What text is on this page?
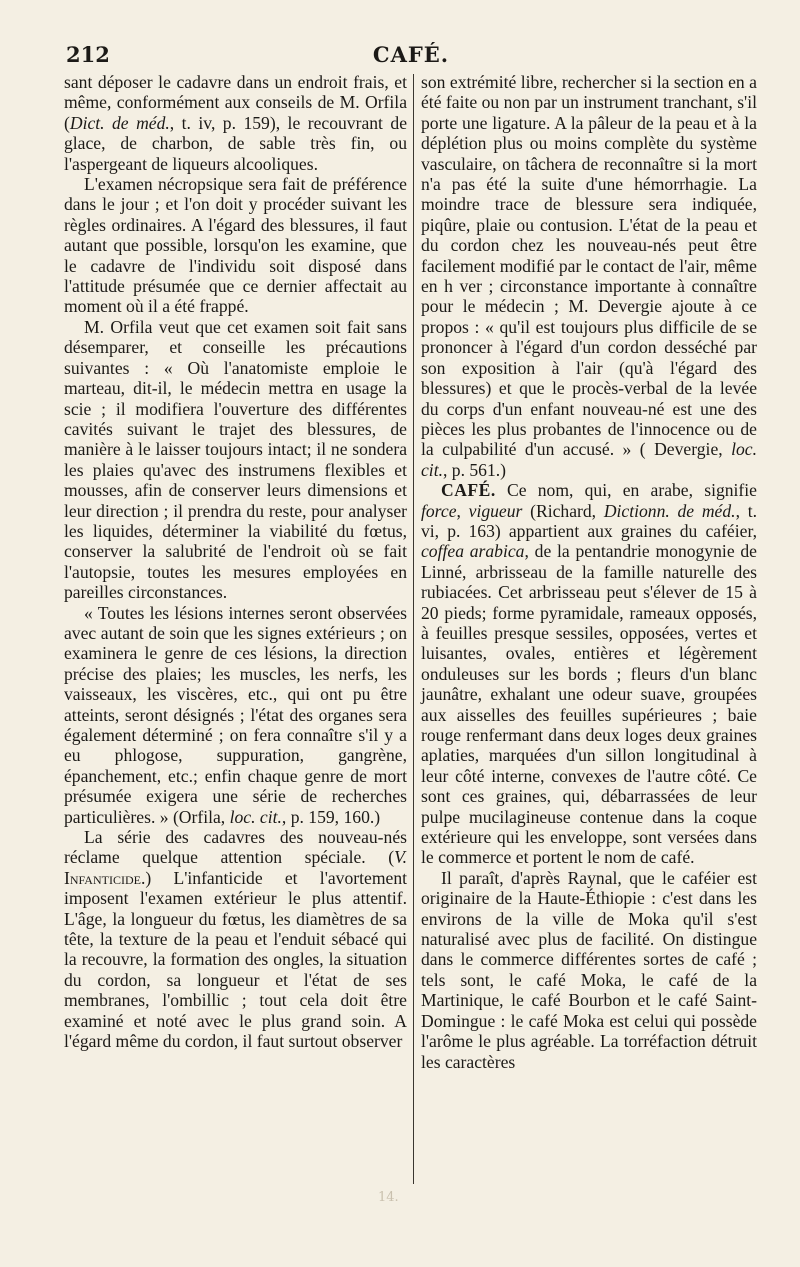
212	CAFÉ.

sant déposer le cadavre dans un endroit frais, et même, conformément aux conseils de M. Orfila (Dict. de méd., t. iv, p. 159), le recouvrant de glace, de charbon, de sable très fin, ou l'aspergeant de liqueurs alcooliques.

L'examen nécropsique sera fait de préférence dans le jour ; et l'on doit y procéder suivant les règles ordinaires. A l'égard des blessures, il faut autant que possible, lorsqu'on les examine, que le cadavre de l'individu soit disposé dans l'attitude présumée que ce dernier affectait au moment où il a été frappé.

M. Orfila veut que cet examen soit fait sans désemparer, et conseille les précautions suivantes : « Où l'anatomiste emploie le marteau, dit-il, le médecin mettra en usage la scie ; il modifiera l'ouverture des différentes cavités suivant le trajet des blessures, de manière à le laisser toujours intact; il ne sondera les plaies qu'avec des instrumens flexibles et mousses, afin de conserver leurs dimensions et leur direction ; il prendra du reste, pour analyser les liquides, déterminer la viabilité du fœtus, conserver la salubrité de l'endroit où se fait l'autopsie, toutes les mesures employées en pareilles circonstances.

« Toutes les lésions internes seront observées avec autant de soin que les signes extérieurs ; on examinera le genre de ces lésions, la direction précise des plaies; les muscles, les nerfs, les vaisseaux, les viscères, etc., qui ont pu être atteints, seront désignés ; l'état des organes sera également déterminé ; on fera connaître s'il y a eu phlogose, suppuration, gangrène, épanchement, etc.; enfin chaque genre de mort présumée exigera une série de recherches particulières. » (Orfila, loc. cit., p. 159, 160.)

La série des cadavres des nouveau-nés réclame quelque attention spéciale. (V. Infanticide.) L'infanticide et l'avortement imposent l'examen extérieur le plus attentif. L'âge, la longueur du fœtus, les diamètres de sa tête, la texture de la peau et l'enduit sébacé qui la recouvre, la formation des ongles, la situation du cordon, sa longueur et l'état de ses membranes, l'ombillic ; tout cela doit être examiné et noté avec le plus grand soin. A l'égard même du cordon, il faut surtout observer

son extrémité libre, rechercher si la section en a été faite ou non par un instrument tranchant, s'il porte une ligature. A la pâleur de la peau et à la déplétion plus ou moins complète du système vasculaire, on tâchera de reconnaître si la mort n'a pas été la suite d'une hémorrhagie. La moindre trace de blessure sera indiquée, piqûre, plaie ou contusion. L'état de la peau et du cordon chez les nouveau-nés peut être facilement modifié par le contact de l'air, même en h ver ; circonstance importante à connaître pour le médecin ; M. Devergie ajoute à ce propos : « qu'il est toujours plus difficile de se prononcer à l'égard d'un cordon desséché par son exposition à l'air (qu'à l'égard des blessures) et que le procès-verbal de la levée du corps d'un enfant nouveau-né est une des pièces les plus probantes de l'innocence ou de la culpabilité d'un accusé. » ( Devergie, loc. cit., p. 561.)

CAFÉ. Ce nom, qui, en arabe, signifie force, vigueur (Richard, Dictionn. de méd., t. vi, p. 163) appartient aux graines du caféier, coffea arabica, de la pentandrie monogynie de Linné, arbrisseau de la famille naturelle des rubiacées. Cet arbrisseau peut s'élever de 15 à 20 pieds; forme pyramidale, rameaux opposés, à feuilles presque sessiles, opposées, vertes et luisantes, ovales, entières et légèrement onduleuses sur les bords ; fleurs d'un blanc jaunâtre, exhalant une odeur suave, groupées aux aisselles des feuilles supérieures ; baie rouge renfermant dans deux loges deux graines aplaties, marquées d'un sillon longitudinal à leur côté interne, convexes de l'autre côté. Ce sont ces graines, qui, débarrassées de leur pulpe mucilagineuse contenue dans la coque extérieure qui les enveloppe, sont versées dans le commerce et portent le nom de café.

Il paraît, d'après Raynal, que le caféier est originaire de la Haute-Éthiopie : c'est dans les environs de la ville de Moka qu'il s'est naturalisé avec plus de facilité. On distingue dans le commerce différentes sortes de café ; tels sont, le café Moka, le café de la Martinique, le café Bourbon et le café Saint-Domingue : le café Moka est celui qui possède l'arôme le plus agréable. La torréfaction détruit les caractères

14.
